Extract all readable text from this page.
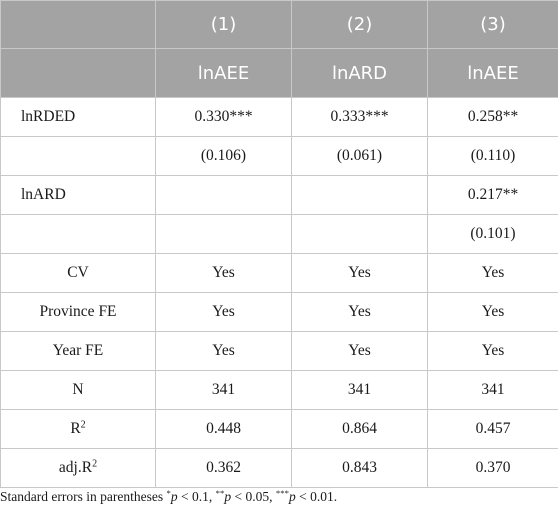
	(1)	(2)	(3)
	lnAEE	lnARD	lnAEE
lnRDED	0.330***	0.333***	0.258**
	(0.106)	(0.061)	(0.110)
lnARD			0.217**
			(0.101)
CV	Yes	Yes	Yes
Province FE	Yes	Yes	Yes
Year FE	Yes	Yes	Yes
N	341	341	341
$R^2$	0.448	0.864	0.457
$adj.R^2$	0.362	0.843	0.370
Standard errors in parentheses *p < 0.1, **p < 0.05, ***p < 0.01.
